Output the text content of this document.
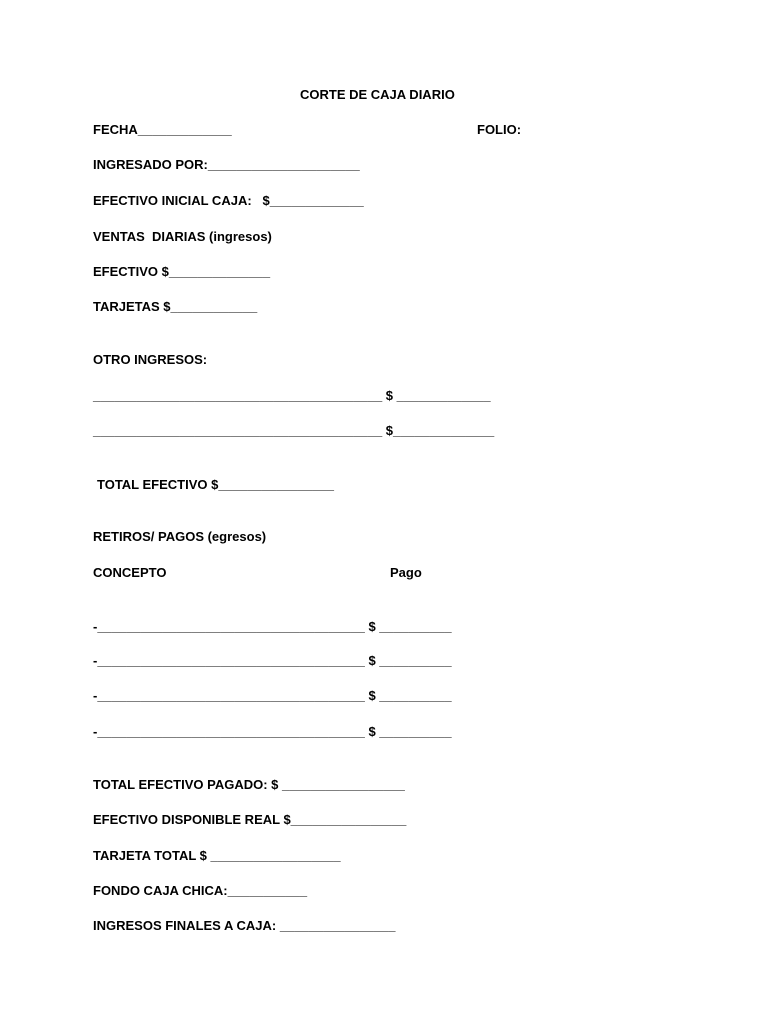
CORTE DE CAJA DIARIO

FECHA_____________	FOLIO:

INGRESADO POR:_____________________

EFECTIVO INICIAL CAJA:   $_____________

VENTAS  DIARIAS (ingresos)

EFECTIVO $______________

TARJETAS $____________

OTRO INGRESOS:

________________________________________ $ _____________

________________________________________ $______________

TOTAL EFECTIVO $________________

RETIROS/ PAGOS (egresos)

CONCEPTO	Pago

-_____________________________________ $ __________

-_____________________________________ $ __________

-_____________________________________ $ __________

-_____________________________________ $ __________

TOTAL EFECTIVO PAGADO: $ _________________

EFECTIVO DISPONIBLE REAL $________________

TARJETA TOTAL $ __________________

FONDO CAJA CHICA:___________

INGRESOS FINALES A CAJA: ________________
